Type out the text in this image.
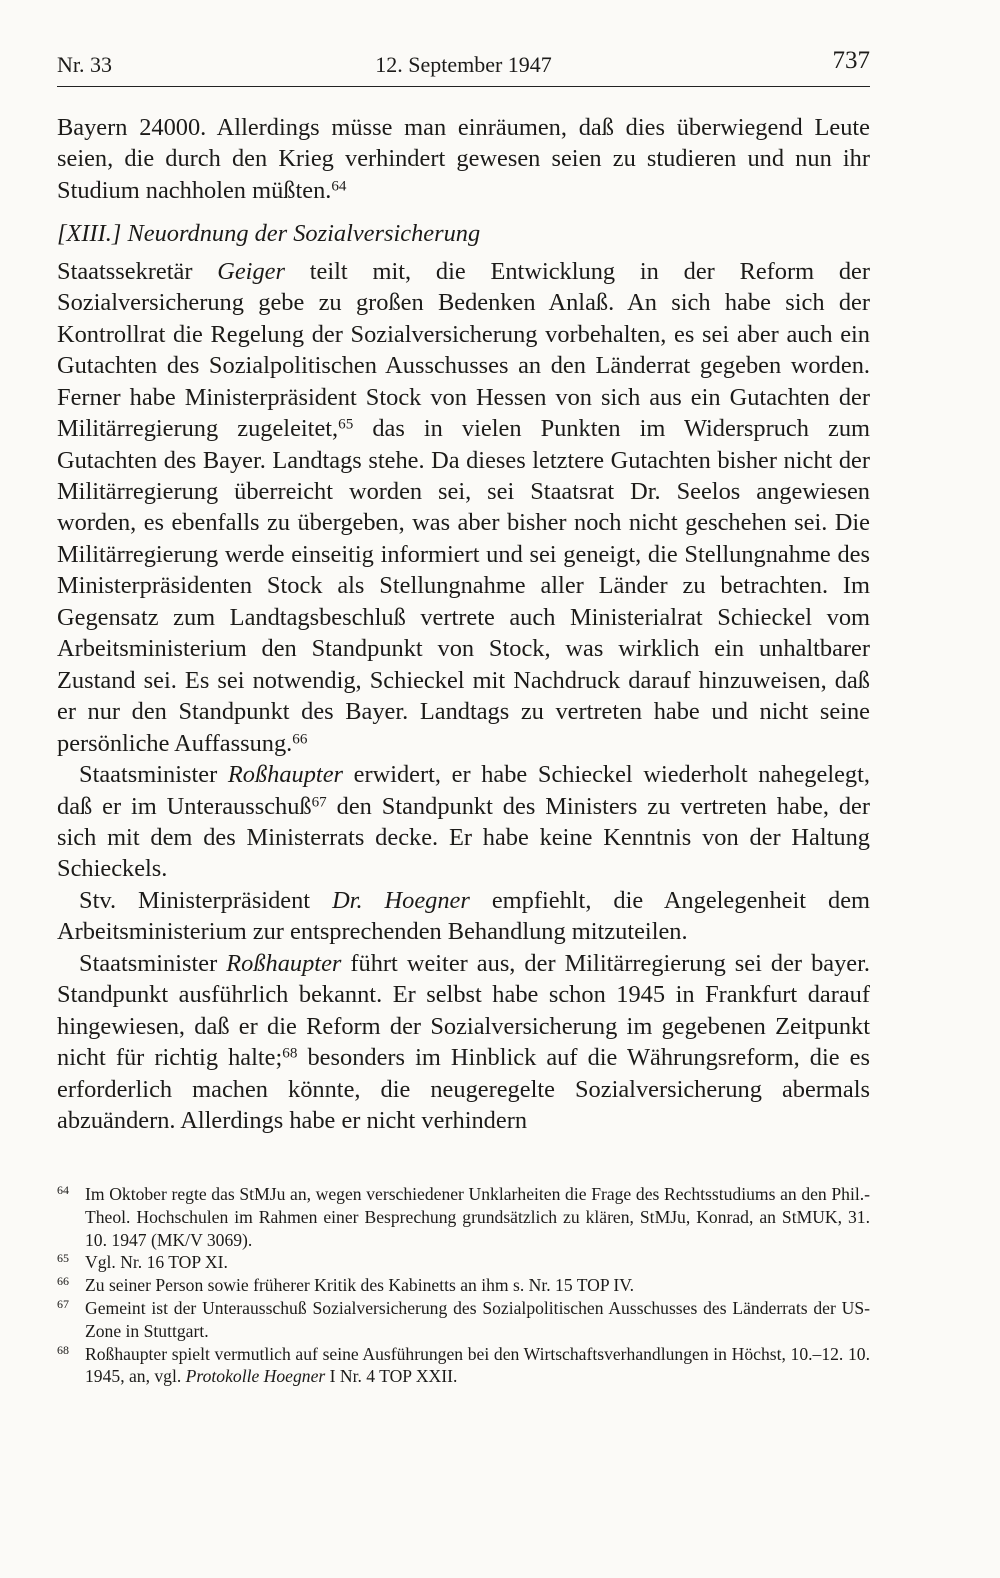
Nr. 33	12. September 1947	737

Bayern 24000. Allerdings müsse man einräumen, daß dies überwiegend Leute seien, die durch den Krieg verhindert gewesen seien zu studieren und nun ihr Studium nachholen müßten.$^{64}$

[XIII.] Neuordnung der Sozialversicherung

Staatssekretär Geiger teilt mit, die Entwicklung in der Reform der Sozialversicherung gebe zu großen Bedenken Anlaß. An sich habe sich der Kontrollrat die Regelung der Sozialversicherung vorbehalten, es sei aber auch ein Gutachten des Sozialpolitischen Ausschusses an den Länderrat gegeben worden. Ferner habe Ministerpräsident Stock von Hessen von sich aus ein Gutachten der Militärregierung zugeleitet,$^{65}$ das in vielen Punkten im Widerspruch zum Gutachten des Bayer. Landtags stehe. Da dieses letztere Gutachten bisher nicht der Militärregierung überreicht worden sei, sei Staatsrat Dr. Seelos angewiesen worden, es ebenfalls zu übergeben, was aber bisher noch nicht geschehen sei. Die Militärregierung werde einseitig informiert und sei geneigt, die Stellungnahme des Ministerpräsidenten Stock als Stellungnahme aller Länder zu betrachten. Im Gegensatz zum Landtagsbeschluß vertrete auch Ministerialrat Schieckel vom Arbeitsministerium den Standpunkt von Stock, was wirklich ein unhaltbarer Zustand sei. Es sei notwendig, Schieckel mit Nachdruck darauf hinzuweisen, daß er nur den Standpunkt des Bayer. Landtags zu vertreten habe und nicht seine persönliche Auffassung.$^{66}$

Staatsminister Roßhaupter erwidert, er habe Schieckel wiederholt nahegelegt, daß er im Unterausschuß$^{67}$ den Standpunkt des Ministers zu vertreten habe, der sich mit dem des Ministerrats decke. Er habe keine Kenntnis von der Haltung Schieckels.

Stv. Ministerpräsident Dr. Hoegner empfiehlt, die Angelegenheit dem Arbeitsministerium zur entsprechenden Behandlung mitzuteilen.

Staatsminister Roßhaupter führt weiter aus, der Militärregierung sei der bayer. Standpunkt ausführlich bekannt. Er selbst habe schon 1945 in Frankfurt darauf hingewiesen, daß er die Reform der Sozialversicherung im gegebenen Zeitpunkt nicht für richtig halte;$^{68}$ besonders im Hinblick auf die Währungsreform, die es erforderlich machen könnte, die neugeregelte Sozialversicherung abermals abzuändern. Allerdings habe er nicht verhindern

64 Im Oktober regte das StMJu an, wegen verschiedener Unklarheiten die Frage des Rechtsstudiums an den Phil.-Theol. Hochschulen im Rahmen einer Besprechung grundsätzlich zu klären, StMJu, Konrad, an StMUK, 31. 10. 1947 (MK/V 3069).

65 Vgl. Nr. 16 TOP XI.

66 Zu seiner Person sowie früherer Kritik des Kabinetts an ihm s. Nr. 15 TOP IV.

67 Gemeint ist der Unterausschuß Sozialversicherung des Sozialpolitischen Ausschusses des Länderrats der US-Zone in Stuttgart.

68 Roßhaupter spielt vermutlich auf seine Ausführungen bei den Wirtschaftsverhandlungen in Höchst, 10.–12. 10. 1945, an, vgl. Protokolle Hoegner I Nr. 4 TOP XXII.
